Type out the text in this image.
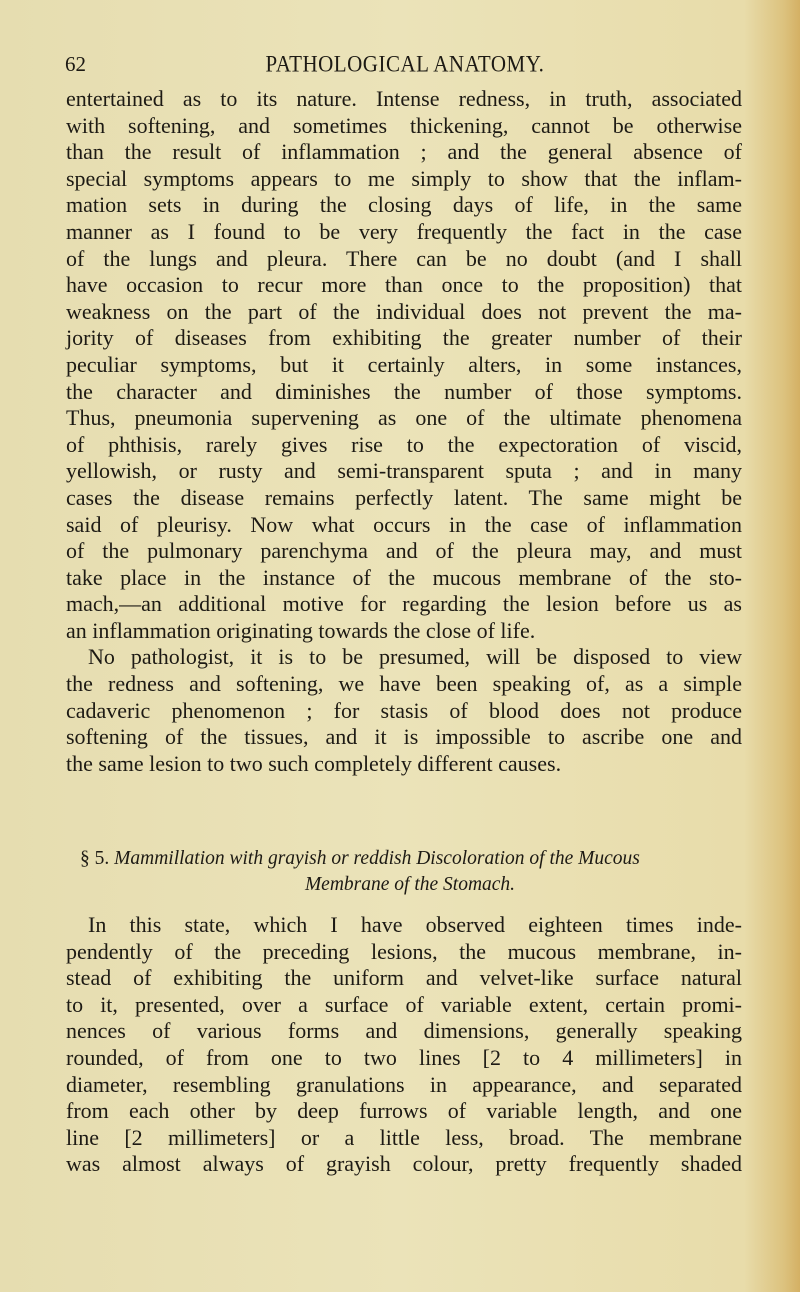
62	PATHOLOGICAL ANATOMY.
entertained as to its nature. Intense redness, in truth, associated
with softening, and sometimes thickening, cannot be otherwise
than the result of inflammation ; and the general absence of
special symptoms appears to me simply to show that the inflam-
mation sets in during the closing days of life, in the same
manner as I found to be very frequently the fact in the case
of the lungs and pleura. There can be no doubt (and I shall
have occasion to recur more than once to the proposition) that
weakness on the part of the individual does not prevent the ma-
jority of diseases from exhibiting the greater number of their
peculiar symptoms, but it certainly alters, in some instances,
the character and diminishes the number of those symptoms.
Thus, pneumonia supervening as one of the ultimate phenomena
of phthisis, rarely gives rise to the expectoration of viscid,
yellowish, or rusty and semi-transparent sputa ; and in many
cases the disease remains perfectly latent. The same might be
said of pleurisy. Now what occurs in the case of inflammation
of the pulmonary parenchyma and of the pleura may, and must
take place in the instance of the mucous membrane of the sto-
mach,—an additional motive for regarding the lesion before us as
an inflammation originating towards the close of life.
No pathologist, it is to be presumed, will be disposed to view
the redness and softening, we have been speaking of, as a simple
cadaveric phenomenon ; for stasis of blood does not produce
softening of the tissues, and it is impossible to ascribe one and
the same lesion to two such completely different causes.
§ 5. Mammillation with grayish or reddish Discoloration of the Mucous
Membrane of the Stomach.
In this state, which I have observed eighteen times inde-
pendently of the preceding lesions, the mucous membrane, in-
stead of exhibiting the uniform and velvet-like surface natural
to it, presented, over a surface of variable extent, certain promi-
nences of various forms and dimensions, generally speaking
rounded, of from one to two lines [2 to 4 millimeters] in
diameter, resembling granulations in appearance, and separated
from each other by deep furrows of variable length, and one
line [2 millimeters] or a little less, broad. The membrane
was almost always of grayish colour, pretty frequently shaded
